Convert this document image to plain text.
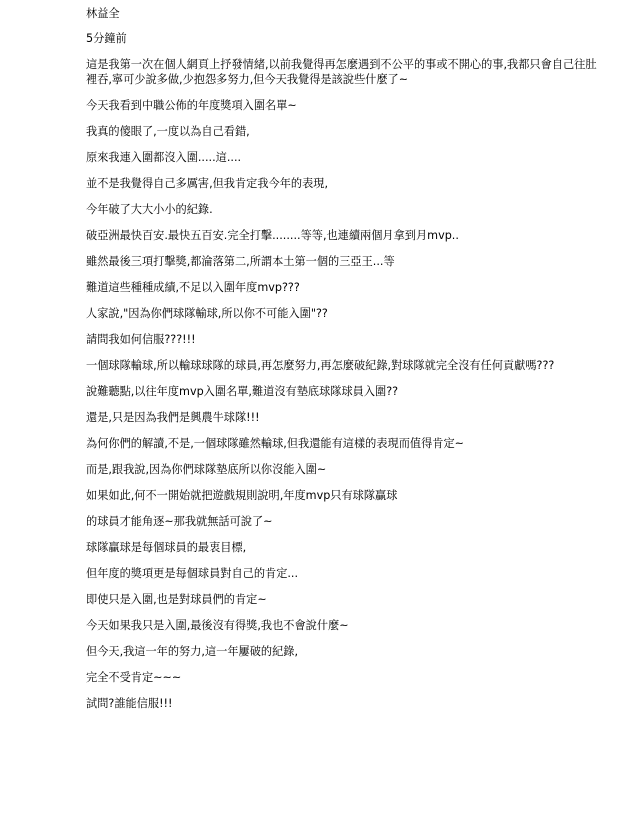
林益全

5分鐘前

這是我第一次在個人網頁上抒發情緒,以前我覺得再怎麼遇到不公平的事或不開心的事,我都只會自己往肚裡吞,寧可少說多做,少抱怨多努力,但今天我覺得是該說些什麼了~

今天我看到中職公佈的年度獎項入圍名單~

我真的傻眼了,一度以為自己看錯,

原來我連入圍都沒入圍.....這....

並不是我覺得自己多厲害,但我肯定我今年的表現,

今年破了大大小小的紀錄.

破亞洲最快百安.最快五百安.完全打擊........等等,也連續兩個月拿到月mvp..

雖然最後三項打擊獎,都淪落第二,所謂本土第一個的三亞王...等

難道這些種種成績,不足以入圍年度mvp???

人家說,"因為你們球隊輸球,所以你不可能入圍"??

請問我如何信服???!!!

一個球隊輸球,所以輸球球隊的球員,再怎麼努力,再怎麼破紀錄,對球隊就完全沒有任何貢獻嗎???

說難聽點,以往年度mvp入圍名單,難道沒有墊底球隊球員入圍??

還是,只是因為我們是興農牛球隊!!!

為何你們的解讀,不是,一個球隊雖然輸球,但我還能有這樣的表現而值得肯定~

而是,跟我說,因為你們球隊墊底所以你沒能入圍~

如果如此,何不一開始就把遊戲規則說明,年度mvp只有球隊贏球

的球員才能角逐~那我就無話可說了~

球隊贏球是每個球員的最衷目標,

但年度的獎項更是每個球員對自己的肯定...

即使只是入圍,也是對球員們的肯定~

今天如果我只是入圍,最後沒有得獎,我也不會說什麼~

但今天,我這一年的努力,這一年屢破的紀錄,

完全不受肯定~~~

試問?誰能信服!!!
